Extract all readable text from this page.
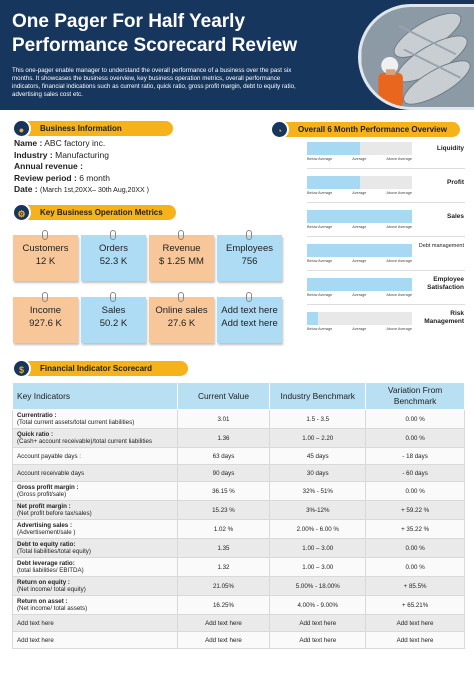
One Pager For Half Yearly Performance Scorecard Review
This one-pager enable manager to understand the overall performance of a business over the past six months. It showcases the business overview, key business operation metrics, overall performance indicators, financial indications such as current ratio, quick ratio, gross profit margin, debt to equity ratio, advertising sales cost etc.
●	Business Information
Name : ABC factory inc.
Industry : Manufacturing
Annual revenue :
Review period : 6 month
Date : (March 1st,20XX– 30th Aug,20XX )
⚙	Key Business Operation Metrics
Customers
12 K
Orders
52.3 K
Revenue
$ 1.25 MM
Employees
756
Income
927.6 K
Sales
50.2 K
Online sales
27.6 K
Add text here
Add text here
◔	Overall 6 Month Performance Overview
$	Financial Indicator Scorecard
Key Indicators	Current Value	Industry Benchmark	Variation From Benchmark
Currentratio :
(Total current assets/total current liabilities)	3.01	1.5 - 3.5	0.00 %
Quick ratio :
(Cash+ account receivable)/total current liabilities	1.36	1.00 – 2.20	0.00 %
Account payable days :	63 days	45 days	- 18 days
Account receivable days	90 days	30 days	- 60 days
Gross profit margin :
(Gross profit/sale)	36.15 %	32% - 51%	0.00 %
Net profit margin :
(Net profit before tax/sales)	15.23 %	3%-12%	+ 59.22 %
Advertising sales :
(Advertisement/sale )	1.02 %	2.00% - 6.00 %	+ 35.22 %
Debt to equity ratio:
(Total liabilities/total equity)	1.35	1.00 – 3.00	0.00 %
Debt leverage ratio:
(total liabilities/ EBITDA)	1.32	1.00 – 3.00	0.00 %
Return on equity :
(Net income/ total equity)	21.05%	5.00% - 18.00%	+ 85.5%
Return on asset :
(Net income/ total assets)	16.25%	4.00% - 9.00%	+ 65.21%
Add text here	Add text here	Add text here	Add text here
Add text here	Add text here	Add text here	Add text here
Below Average	Average	Above Average
Liquidity
Below Average	Average	Above Average
Profit
Below Average	Average	Above Average
Sales
Below Average	Average	Above Average
Debt management
Below Average	Average	Above Average
Employee Satisfaction
Below Average	Average	Above Average
Risk Management
